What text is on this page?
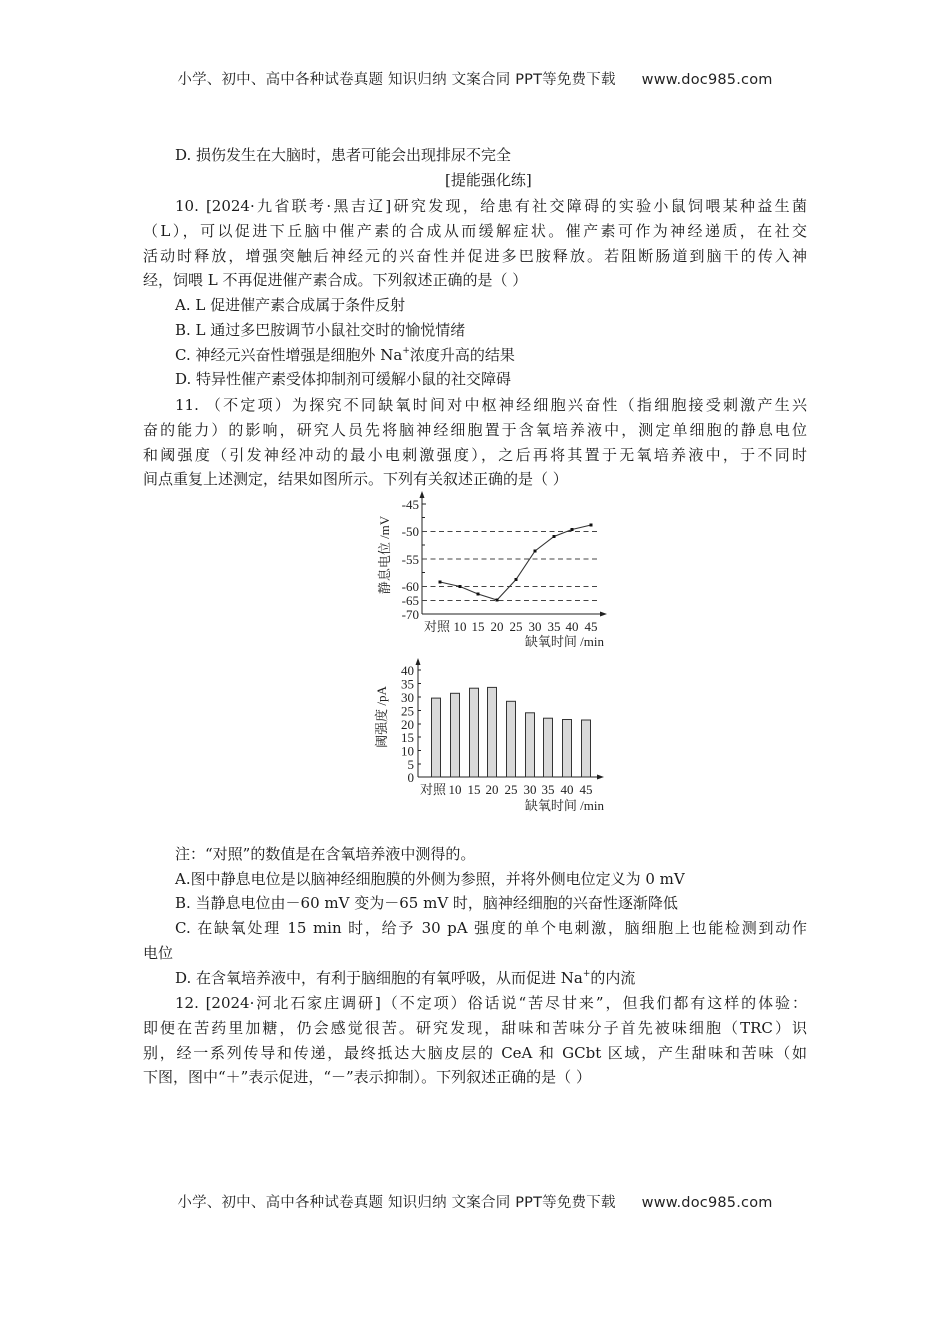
小学、初中、高中各种试卷真题 知识归纳 文案合同 PPT等免费下载 www.doc985.com
D. 损伤发生在大脑时，患者可能会出现排尿不完全
[提能强化练]
10. [2024·九省联考·黑吉辽]研究发现，给患有社交障碍的实验小鼠饲喂某种益生菌
（L），可以促进下丘脑中催产素的合成从而缓解症状。催产素可作为神经递质，在社交
活动时释放，增强突触后神经元的兴奋性并促进多巴胺释放。若阻断肠道到脑干的传入神
经，饲喂 L 不再促进催产素合成。下列叙述正确的是（ ）
A. L 促进催产素合成属于条件反射
B. L 通过多巴胺调节小鼠社交时的愉悦情绪
C. 神经元兴奋性增强是细胞外 Na+浓度升高的结果
D. 特异性催产素受体抑制剂可缓解小鼠的社交障碍
11. （不定项）为探究不同缺氧时间对中枢神经细胞兴奋性（指细胞接受刺激产生兴
奋的能力）的影响，研究人员先将脑神经细胞置于含氧培养液中，测定单细胞的静息电位
和阈强度（引发神经冲动的最小电刺激强度），之后再将其置于无氧培养液中，于不同时
间点重复上述测定，结果如图所示。下列有关叙述正确的是（ ）
静息电位 /mV
-45
-50
-55
-60
-65
-70
对照 10 15 20 25 30 35 40 45
缺氧时间 /min
阈强度 /pA
40
35
30
25
20
15
10
5
0
对照 10 15 20 25 30 35 40 45
缺氧时间 /min
注：“对照”的数值是在含氧培养液中测得的。
A.图中静息电位是以脑神经细胞膜的外侧为参照，并将外侧电位定义为 0 mV
B. 当静息电位由－60 mV 变为－65 mV 时，脑神经细胞的兴奋性逐渐降低
C. 在缺氧处理 15 min 时，给予 30 pA 强度的单个电刺激，脑细胞上也能检测到动作
电位
D. 在含氧培养液中，有利于脑细胞的有氧呼吸，从而促进 Na+的内流
12. [2024·河北石家庄调研]（不定项）俗话说“苦尽甘来”，但我们都有这样的体验：
即便在苦药里加糖，仍会感觉很苦。研究发现，甜味和苦味分子首先被味细胞（TRC）识
别，经一系列传导和传递，最终抵达大脑皮层的 CeA 和 GCbt 区域，产生甜味和苦味（如
下图，图中“＋”表示促进，“－”表示抑制）。下列叙述正确的是（ ）
小学、初中、高中各种试卷真题 知识归纳 文案合同 PPT等免费下载 www.doc985.com
